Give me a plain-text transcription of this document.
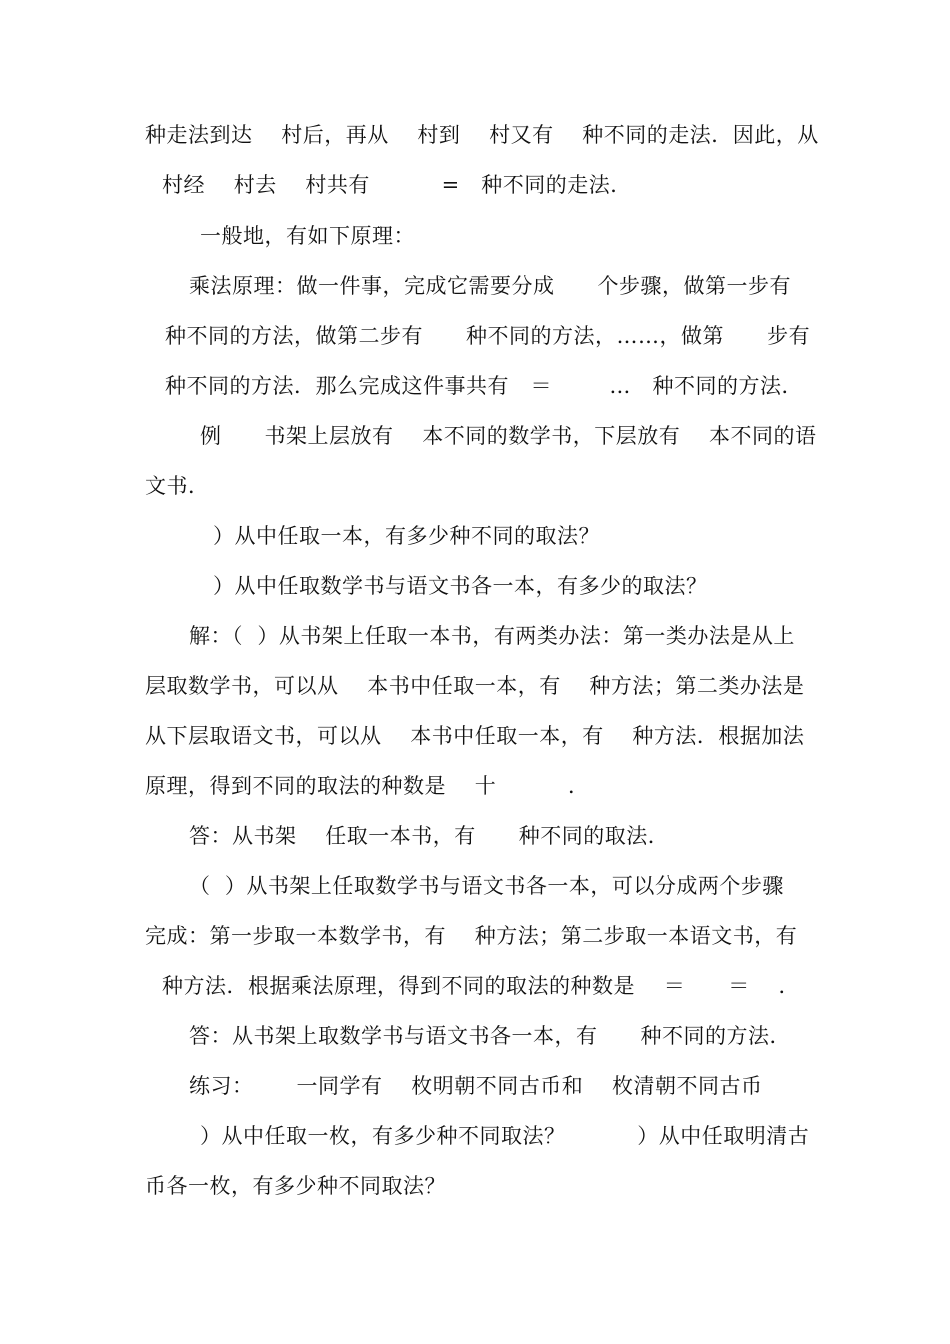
种走法到达    村后，再从    村到    村又有    种不同的走法．因此，从
村经    村去    村共有          =   种不同的走法．
一般地，有如下原理：
乘法原理：做一件事，完成它需要分成      个步骤，做第一步有
种不同的方法，做第二步有      种不同的方法，……，做第      步有
种不同的方法．那么完成这件事共有   ＝        …   种不同的方法．
例      书架上层放有    本不同的数学书，下层放有    本不同的语
文书．
）从中任取一本，有多少种不同的取法？
）从中任取数学书与语文书各一本，有多少的取法？
解：（  ）从书架上任取一本书，有两类办法：第一类办法是从上
层取数学书，可以从    本书中任取一本，有    种方法；第二类办法是
从下层取语文书，可以从    本书中任取一本，有    种方法．根据加法
原理，得到不同的取法的种数是    十          ．
答：从书架    任取一本书，有      种不同的取法．
（  ）从书架上任取数学书与语文书各一本，可以分成两个步骤
完成：第一步取一本数学书，有    种方法；第二步取一本语文书，有
种方法．根据乘法原理，得到不同的取法的种数是    ＝      ＝    ．
答：从书架上取数学书与语文书各一本，有      种不同的方法．
练习：      一同学有    枚明朝不同古币和    枚清朝不同古币
）从中任取一枚，有多少种不同取法？          ）从中任取明清古
币各一枚，有多少种不同取法？
